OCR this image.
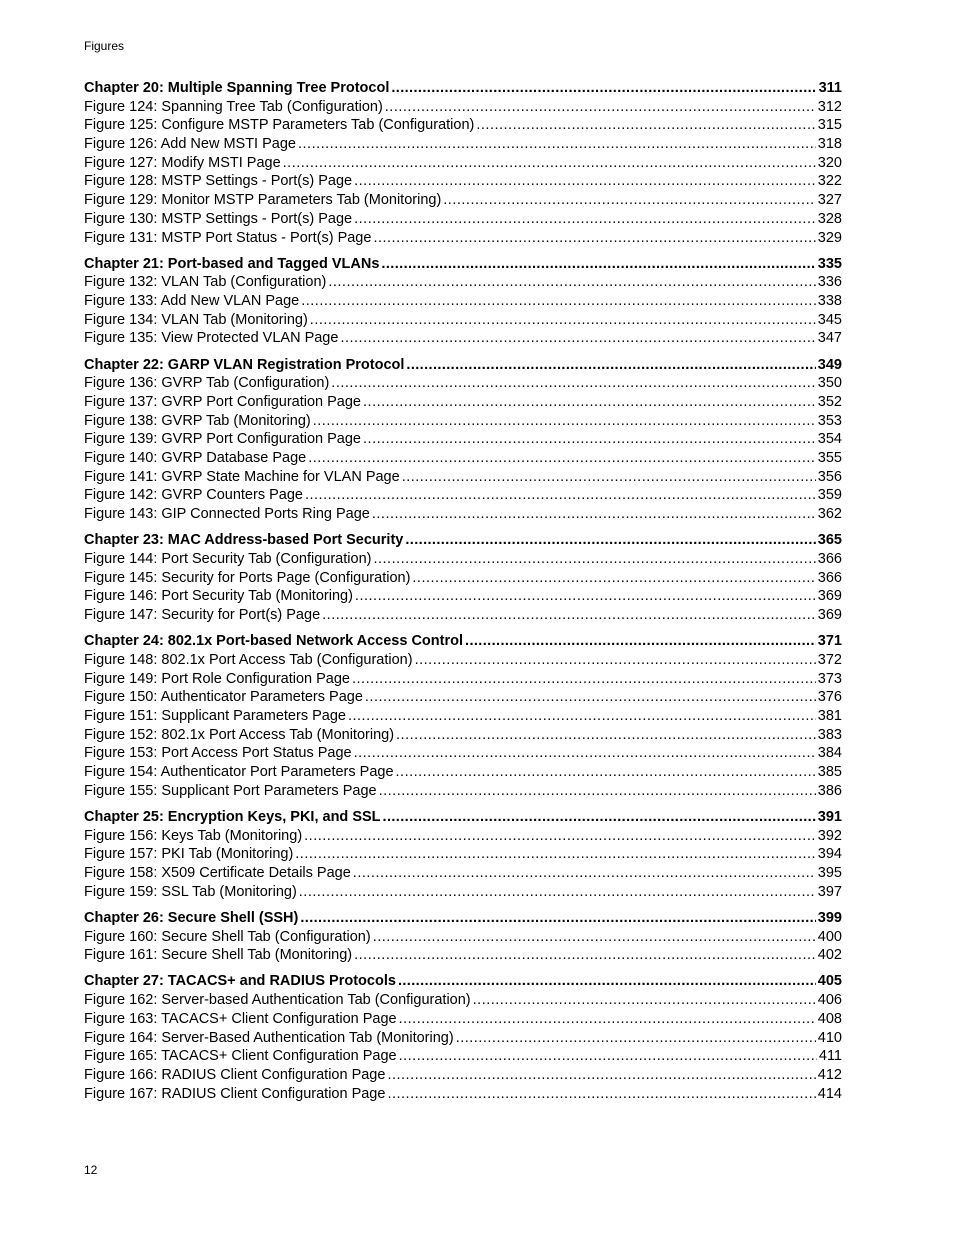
Figures
Chapter 20: Multiple Spanning Tree Protocol .....	311
Figure 124: Spanning Tree Tab (Configuration) .....	312
Figure 125: Configure MSTP Parameters Tab (Configuration) .....	315
Figure 126: Add New MSTI Page .....	318
Figure 127: Modify MSTI Page .....	320
Figure 128: MSTP Settings - Port(s) Page .....	322
Figure 129: Monitor MSTP Parameters Tab (Monitoring) .....	327
Figure 130: MSTP Settings - Port(s) Page .....	328
Figure 131: MSTP Port Status - Port(s) Page .....	329
Chapter 21: Port-based and Tagged VLANs .....	335
Figure 132: VLAN Tab (Configuration) .....	336
Figure 133: Add New VLAN Page .....	338
Figure 134: VLAN Tab (Monitoring) .....	345
Figure 135: View Protected VLAN Page .....	347
Chapter 22: GARP VLAN Registration Protocol .....	349
Figure 136: GVRP Tab (Configuration) .....	350
Figure 137: GVRP Port Configuration Page .....	352
Figure 138: GVRP Tab (Monitoring) .....	353
Figure 139: GVRP Port Configuration Page .....	354
Figure 140: GVRP Database Page .....	355
Figure 141: GVRP State Machine for VLAN Page .....	356
Figure 142: GVRP Counters Page .....	359
Figure 143: GIP Connected Ports Ring Page .....	362
Chapter 23: MAC Address-based Port Security .....	365
Figure 144: Port Security Tab (Configuration) .....	366
Figure 145: Security for Ports Page (Configuration) .....	366
Figure 146: Port Security Tab (Monitoring) .....	369
Figure 147: Security for Port(s) Page .....	369
Chapter 24: 802.1x Port-based Network Access Control .....	371
Figure 148: 802.1x Port Access Tab (Configuration) .....	372
Figure 149: Port Role Configuration Page .....	373
Figure 150: Authenticator Parameters Page .....	376
Figure 151: Supplicant Parameters Page .....	381
Figure 152: 802.1x Port Access Tab (Monitoring) .....	383
Figure 153: Port Access Port Status Page .....	384
Figure 154: Authenticator Port Parameters Page .....	385
Figure 155: Supplicant Port Parameters Page .....	386
Chapter 25: Encryption Keys, PKI, and SSL .....	391
Figure 156: Keys Tab (Monitoring) .....	392
Figure 157: PKI Tab (Monitoring) .....	394
Figure 158: X509 Certificate Details Page .....	395
Figure 159: SSL Tab (Monitoring) .....	397
Chapter 26: Secure Shell (SSH) .....	399
Figure 160: Secure Shell Tab (Configuration) .....	400
Figure 161: Secure Shell Tab (Monitoring) .....	402
Chapter 27: TACACS+ and RADIUS Protocols .....	405
Figure 162: Server-based Authentication Tab (Configuration) .....	406
Figure 163: TACACS+ Client Configuration Page .....	408
Figure 164: Server-Based Authentication Tab (Monitoring) .....	410
Figure 165: TACACS+ Client Configuration Page .....	411
Figure 166: RADIUS Client Configuration Page .....	412
Figure 167: RADIUS Client Configuration Page .....	414
12
